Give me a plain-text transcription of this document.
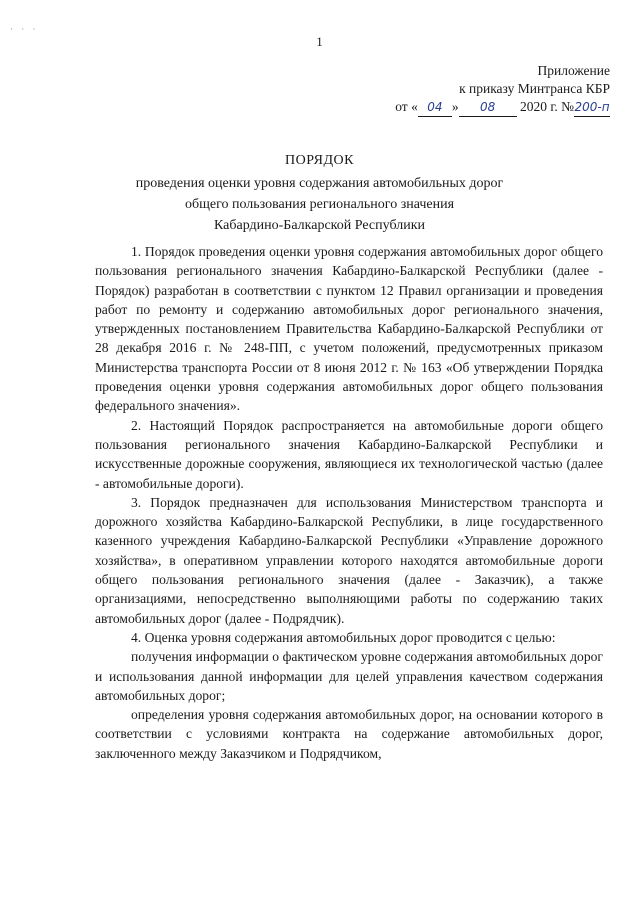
· · ·
1
Приложение
к приказу Минтранса КБР
от « 04 » 08 2020 г. №200-п
ПОРЯДОК
проведения оценки уровня содержания автомобильных дорог
общего пользования регионального значения
Кабардино-Балкарской Республики

1. Порядок проведения оценки уровня содержания автомобильных дорог общего пользования регионального значения Кабардино-Балкарской Республики (далее - Порядок) разработан в соответствии с пунктом 12 Правил организации и проведения работ по ремонту и содержанию автомобильных дорог регионального значения, утвержденных постановлением Правительства Кабардино-Балкарской Республики от 28 декабря 2016 г. № 248-ПП, с учетом положений, предусмотренных приказом Министерства транспорта России от 8 июня 2012 г. № 163 «Об утверждении Порядка проведения оценки уровня содержания автомобильных дорог общего пользования федерального значения».

2. Настоящий Порядок распространяется на автомобильные дороги общего пользования регионального значения Кабардино-Балкарской Республики и искусственные дорожные сооружения, являющиеся их технологической частью (далее - автомобильные дороги).

3. Порядок предназначен для использования Министерством транспорта и дорожного хозяйства Кабардино-Балкарской Республики, в лице государственного казенного учреждения Кабардино-Балкарской Республики «Управление дорожного хозяйства», в оперативном управлении которого находятся автомобильные дороги общего пользования регионального значения (далее - Заказчик), а также организациями, непосредственно выполняющими работы по содержанию таких автомобильных дорог (далее - Подрядчик).

4. Оценка уровня содержания автомобильных дорог проводится с целью:

получения информации о фактическом уровне содержания автомобильных дорог и использования данной информации для целей управления качеством содержания автомобильных дорог;

определения уровня содержания автомобильных дорог, на основании которого в соответствии с условиями контракта на содержание автомобильных дорог, заключенного между Заказчиком и Подрядчиком,
